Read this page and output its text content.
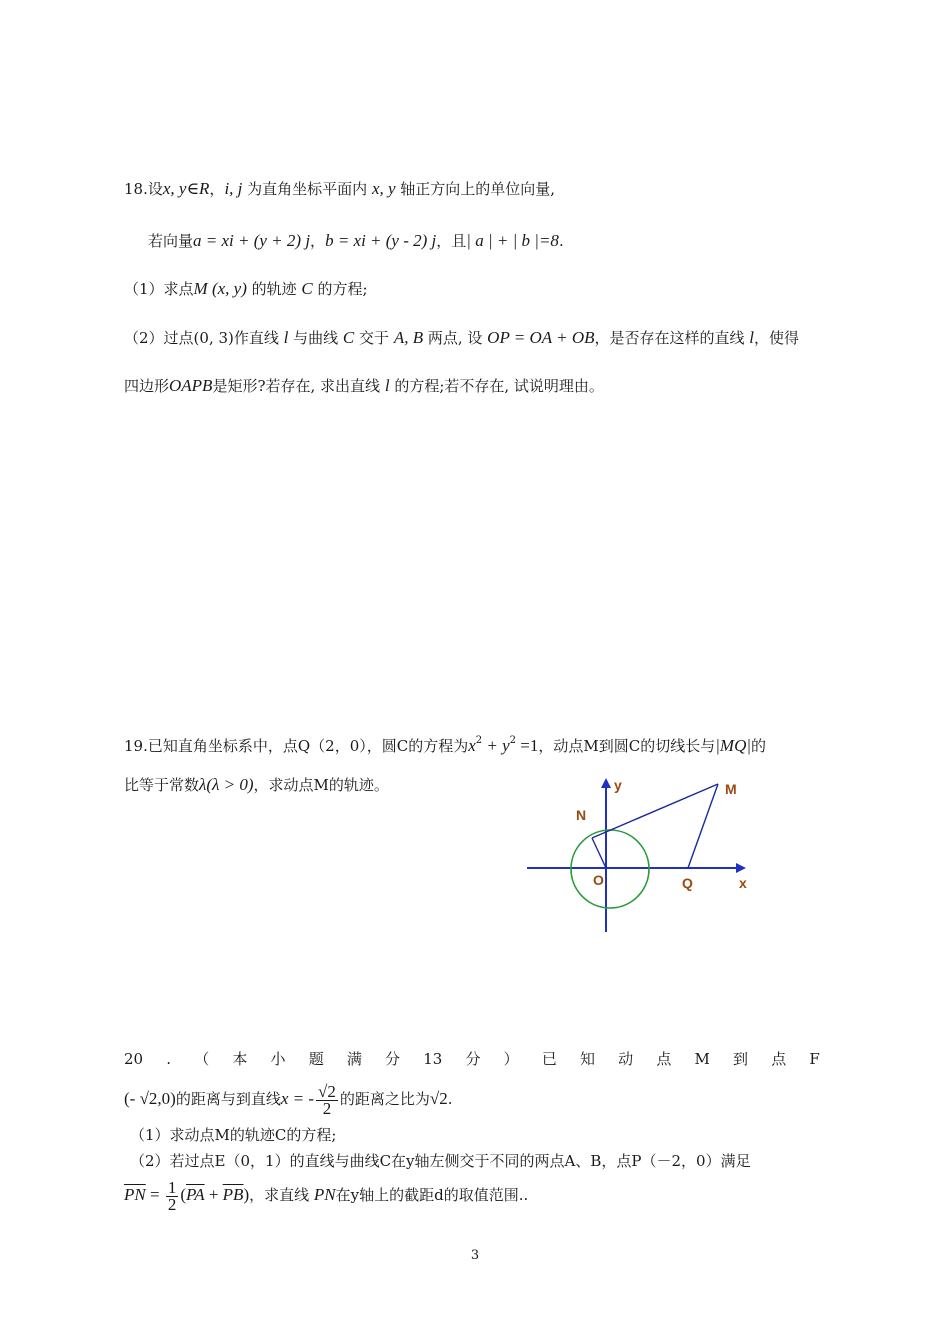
18.设x, y∈R，i, j 为直角坐标平面内 x, y 轴正方向上的单位向量,
若向量a = xi + (y + 2) j，b = xi + (y - 2) j，且| a | + | b |=8.
（1）求点M (x, y) 的轨迹 C 的方程;
（2）过点(0, 3)作直线 l 与曲线 C 交于 A, B 两点, 设 OP = OA + OB，是否存在这样的直线 l，使得
四边形OAPB是矩形?若存在, 求出直线 l 的方程;若不存在, 试说明理由。
19.已知直角坐标系中，点Q（2，0），圆C的方程为$x^2 + y^2 =1$，动点M到圆C的切线长与|MQ|的
比等于常数λ(λ > 0)，求动点M的轨迹。	y	M
N
O	Q	x
20 . （ 本 小 题 满 分 13 分 ） 已 知 动 点 M 到 点 F
(- √2,0)的距离与到直线x = - $\frac{√2}{2}$ 的距离之比为√2.
（1）求动点M的轨迹C的方程;
（2）若过点E（0，1）的直线与曲线C在y轴左侧交于不同的两点A、B，点P（－2，0）满足
$\overline{PN} = \frac{1}{2} (\overline{PA} + \overline{PB})$，求直线 PN在y轴上的截距d的取值范围..
3
